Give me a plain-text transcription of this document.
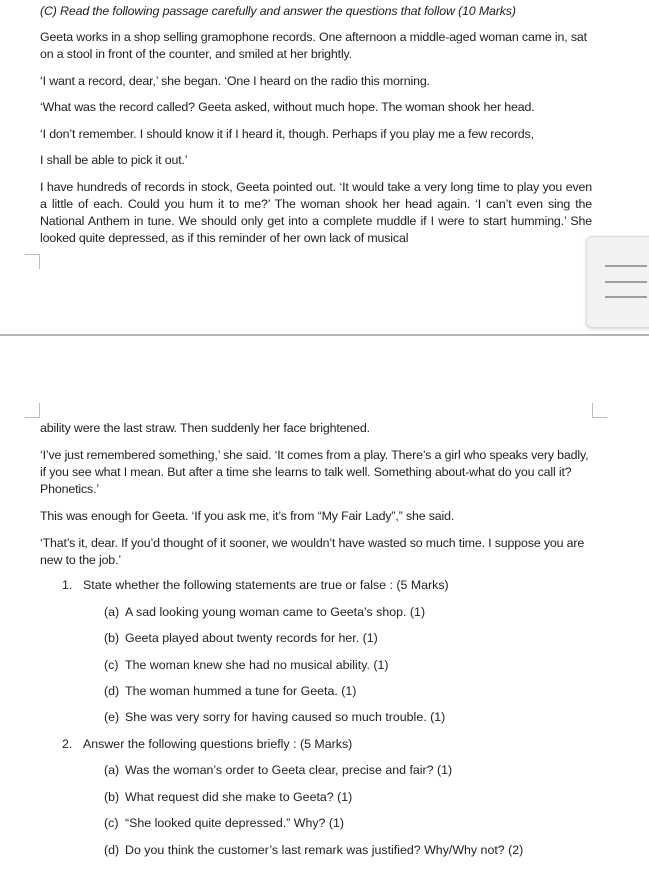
(C) Read the following passage carefully and answer the questions that follow (10 Marks)

Geeta works in a shop selling gramophone records. One afternoon a middle-aged woman came in, sat on a stool in front of the counter, and smiled at her brightly.

‘I want a record, dear,’ she began. ‘One I heard on the radio this morning.

‘What was the record called? Geeta asked, without much hope. The woman shook her head.

‘I don’t remember. I should know it if I heard it, though. Perhaps if you play me a few records,

I shall be able to pick it out.’

I have hundreds of records in stock, Geeta pointed out. ‘It would take a very long time to play you even a little of each. Could you hum it to me?’ The woman shook her head again. ‘I can’t even sing the National Anthem in tune. We should only get into a complete muddle if I were to start humming.’ She looked quite depressed, as if this reminder of her own lack of musical

ability were the last straw. Then suddenly her face brightened.

‘I’ve just remembered something,’ she said. ‘It comes from a play. There’s a girl who speaks very badly, if you see what I mean. But after a time she learns to talk well. Something about-what do you call it? Phonetics.’

This was enough for Geeta. ‘If you ask me, it’s from “My Fair Lady”,” she said.

‘That’s it, dear. If you’d thought of it sooner, we wouldn’t have wasted so much time. I suppose you are new to the job.’

1. State whether the following statements are true or false : (5 Marks)
(a) A sad looking young woman came to Geeta’s shop. (1)
(b) Geeta played about twenty records for her. (1)
(c) The woman knew she had no musical ability. (1)
(d) The woman hummed a tune for Geeta. (1)
(e) She was very sorry for having caused so much trouble. (1)
2. Answer the following questions briefly : (5 Marks)
(a) Was the woman’s order to Geeta clear, precise and fair? (1)
(b) What request did she make to Geeta? (1)
(c) “She looked quite depressed.” Why? (1)
(d) Do you think the customer’s last remark was justified? Why/Why not? (2)
